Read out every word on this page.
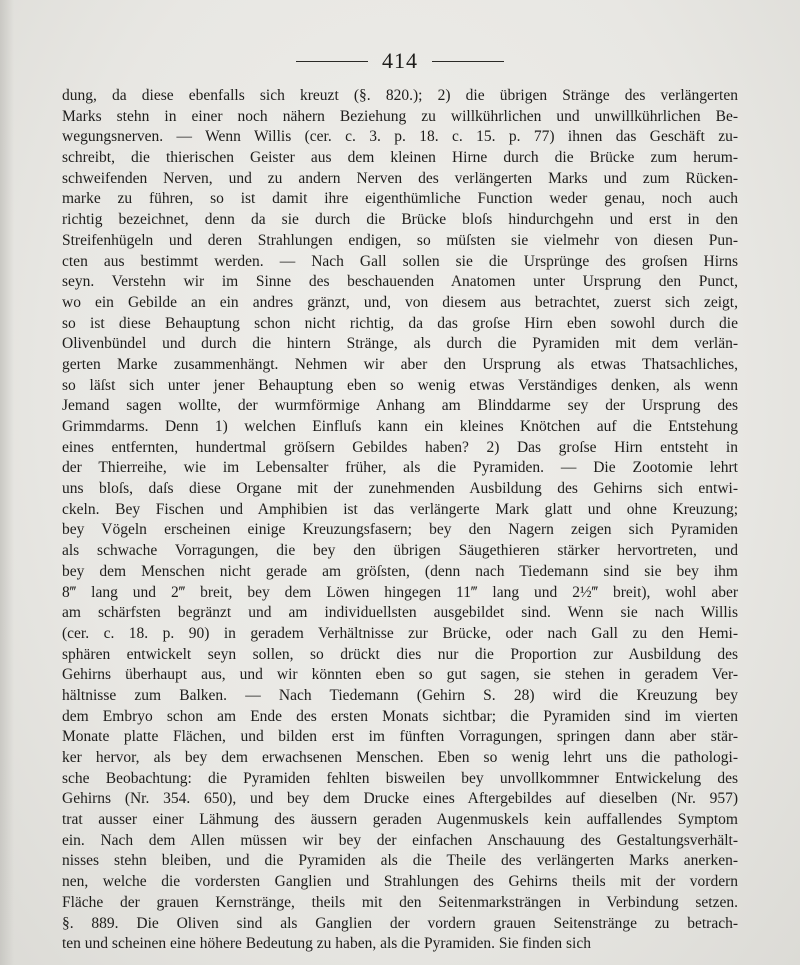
414
dung, da diese ebenfalls sich kreuzt (§. 820.); 2) die übrigen Stränge des verlängerten
Marks stehn in einer noch nähern Beziehung zu willkührlichen und unwillkührlichen Be-
wegungsnerven. — Wenn Willis (cer. c. 3. p. 18. c. 15. p. 77) ihnen das Geschäft zu-
schreibt, die thierischen Geister aus dem kleinen Hirne durch die Brücke zum herum-
schweifenden Nerven, und zu andern Nerven des verlängerten Marks und zum Rücken-
marke zu führen, so ist damit ihre eigenthümliche Function weder genau, noch auch
richtig bezeichnet, denn da sie durch die Brücke bloſs hindurchgehn und erst in den
Streifenhügeln und deren Strahlungen endigen, so müſsten sie vielmehr von diesen Pun-
cten aus bestimmt werden. — Nach Gall sollen sie die Ursprünge des groſsen Hirns
seyn. Verstehn wir im Sinne des beschauenden Anatomen unter Ursprung den Punct,
wo ein Gebilde an ein andres gränzt, und, von diesem aus betrachtet, zuerst sich zeigt,
so ist diese Behauptung schon nicht richtig, da das groſse Hirn eben sowohl durch die
Olivenbündel und durch die hintern Stränge, als durch die Pyramiden mit dem verlän-
gerten Marke zusammenhängt. Nehmen wir aber den Ursprung als etwas Thatsachliches,
so läſst sich unter jener Behauptung eben so wenig etwas Verständiges denken, als wenn
Jemand sagen wollte, der wurmförmige Anhang am Blinddarme sey der Ursprung des
Grimmdarms. Denn 1) welchen Einfluſs kann ein kleines Knötchen auf die Entstehung
eines entfernten, hundertmal gröſsern Gebildes haben? 2) Das groſse Hirn entsteht in
der Thierreihe, wie im Lebensalter früher, als die Pyramiden. — Die Zootomie lehrt
uns bloſs, daſs diese Organe mit der zunehmenden Ausbildung des Gehirns sich entwi-
ckeln. Bey Fischen und Amphibien ist das verlängerte Mark glatt und ohne Kreuzung;
bey Vögeln erscheinen einige Kreuzungsfasern; bey den Nagern zeigen sich Pyramiden
als schwache Vorragungen, die bey den übrigen Säugethieren stärker hervortreten, und
bey dem Menschen nicht gerade am gröſsten, (denn nach Tiedemann sind sie bey ihm
8‴ lang und 2‴ breit, bey dem Löwen hingegen 11‴ lang und 2½‴ breit), wohl aber
am schärfsten begränzt und am individuellsten ausgebildet sind. Wenn sie nach Willis
(cer. c. 18. p. 90) in geradem Verhältnisse zur Brücke, oder nach Gall zu den Hemi-
sphären entwickelt seyn sollen, so drückt dies nur die Proportion zur Ausbildung des
Gehirns überhaupt aus, und wir könnten eben so gut sagen, sie stehen in geradem Ver-
hältnisse zum Balken. — Nach Tiedemann (Gehirn S. 28) wird die Kreuzung bey
dem Embryo schon am Ende des ersten Monats sichtbar; die Pyramiden sind im vierten
Monate platte Flächen, und bilden erst im fünften Vorragungen, springen dann aber stär-
ker hervor, als bey dem erwachsenen Menschen. Eben so wenig lehrt uns die pathologi-
sche Beobachtung: die Pyramiden fehlten bisweilen bey unvollkommner Entwickelung des
Gehirns (Nr. 354. 650), und bey dem Drucke eines Aftergebildes auf dieselben (Nr. 957)
trat ausser einer Lähmung des äussern geraden Augenmuskels kein auffallendes Symptom
ein. Nach dem Allen müssen wir bey der einfachen Anschauung des Gestaltungsverhält-
nisses stehn bleiben, und die Pyramiden als die Theile des verlängerten Marks anerken-
nen, welche die vordersten Ganglien und Strahlungen des Gehirns theils mit der vordern
Fläche der grauen Kernstränge, theils mit den Seitenmarksträngen in Verbindung setzen.
§. 889. Die Oliven sind als Ganglien der vordern grauen Seitenstränge zu betrach-
ten und scheinen eine höhere Bedeutung zu haben, als die Pyramiden. Sie finden sich
